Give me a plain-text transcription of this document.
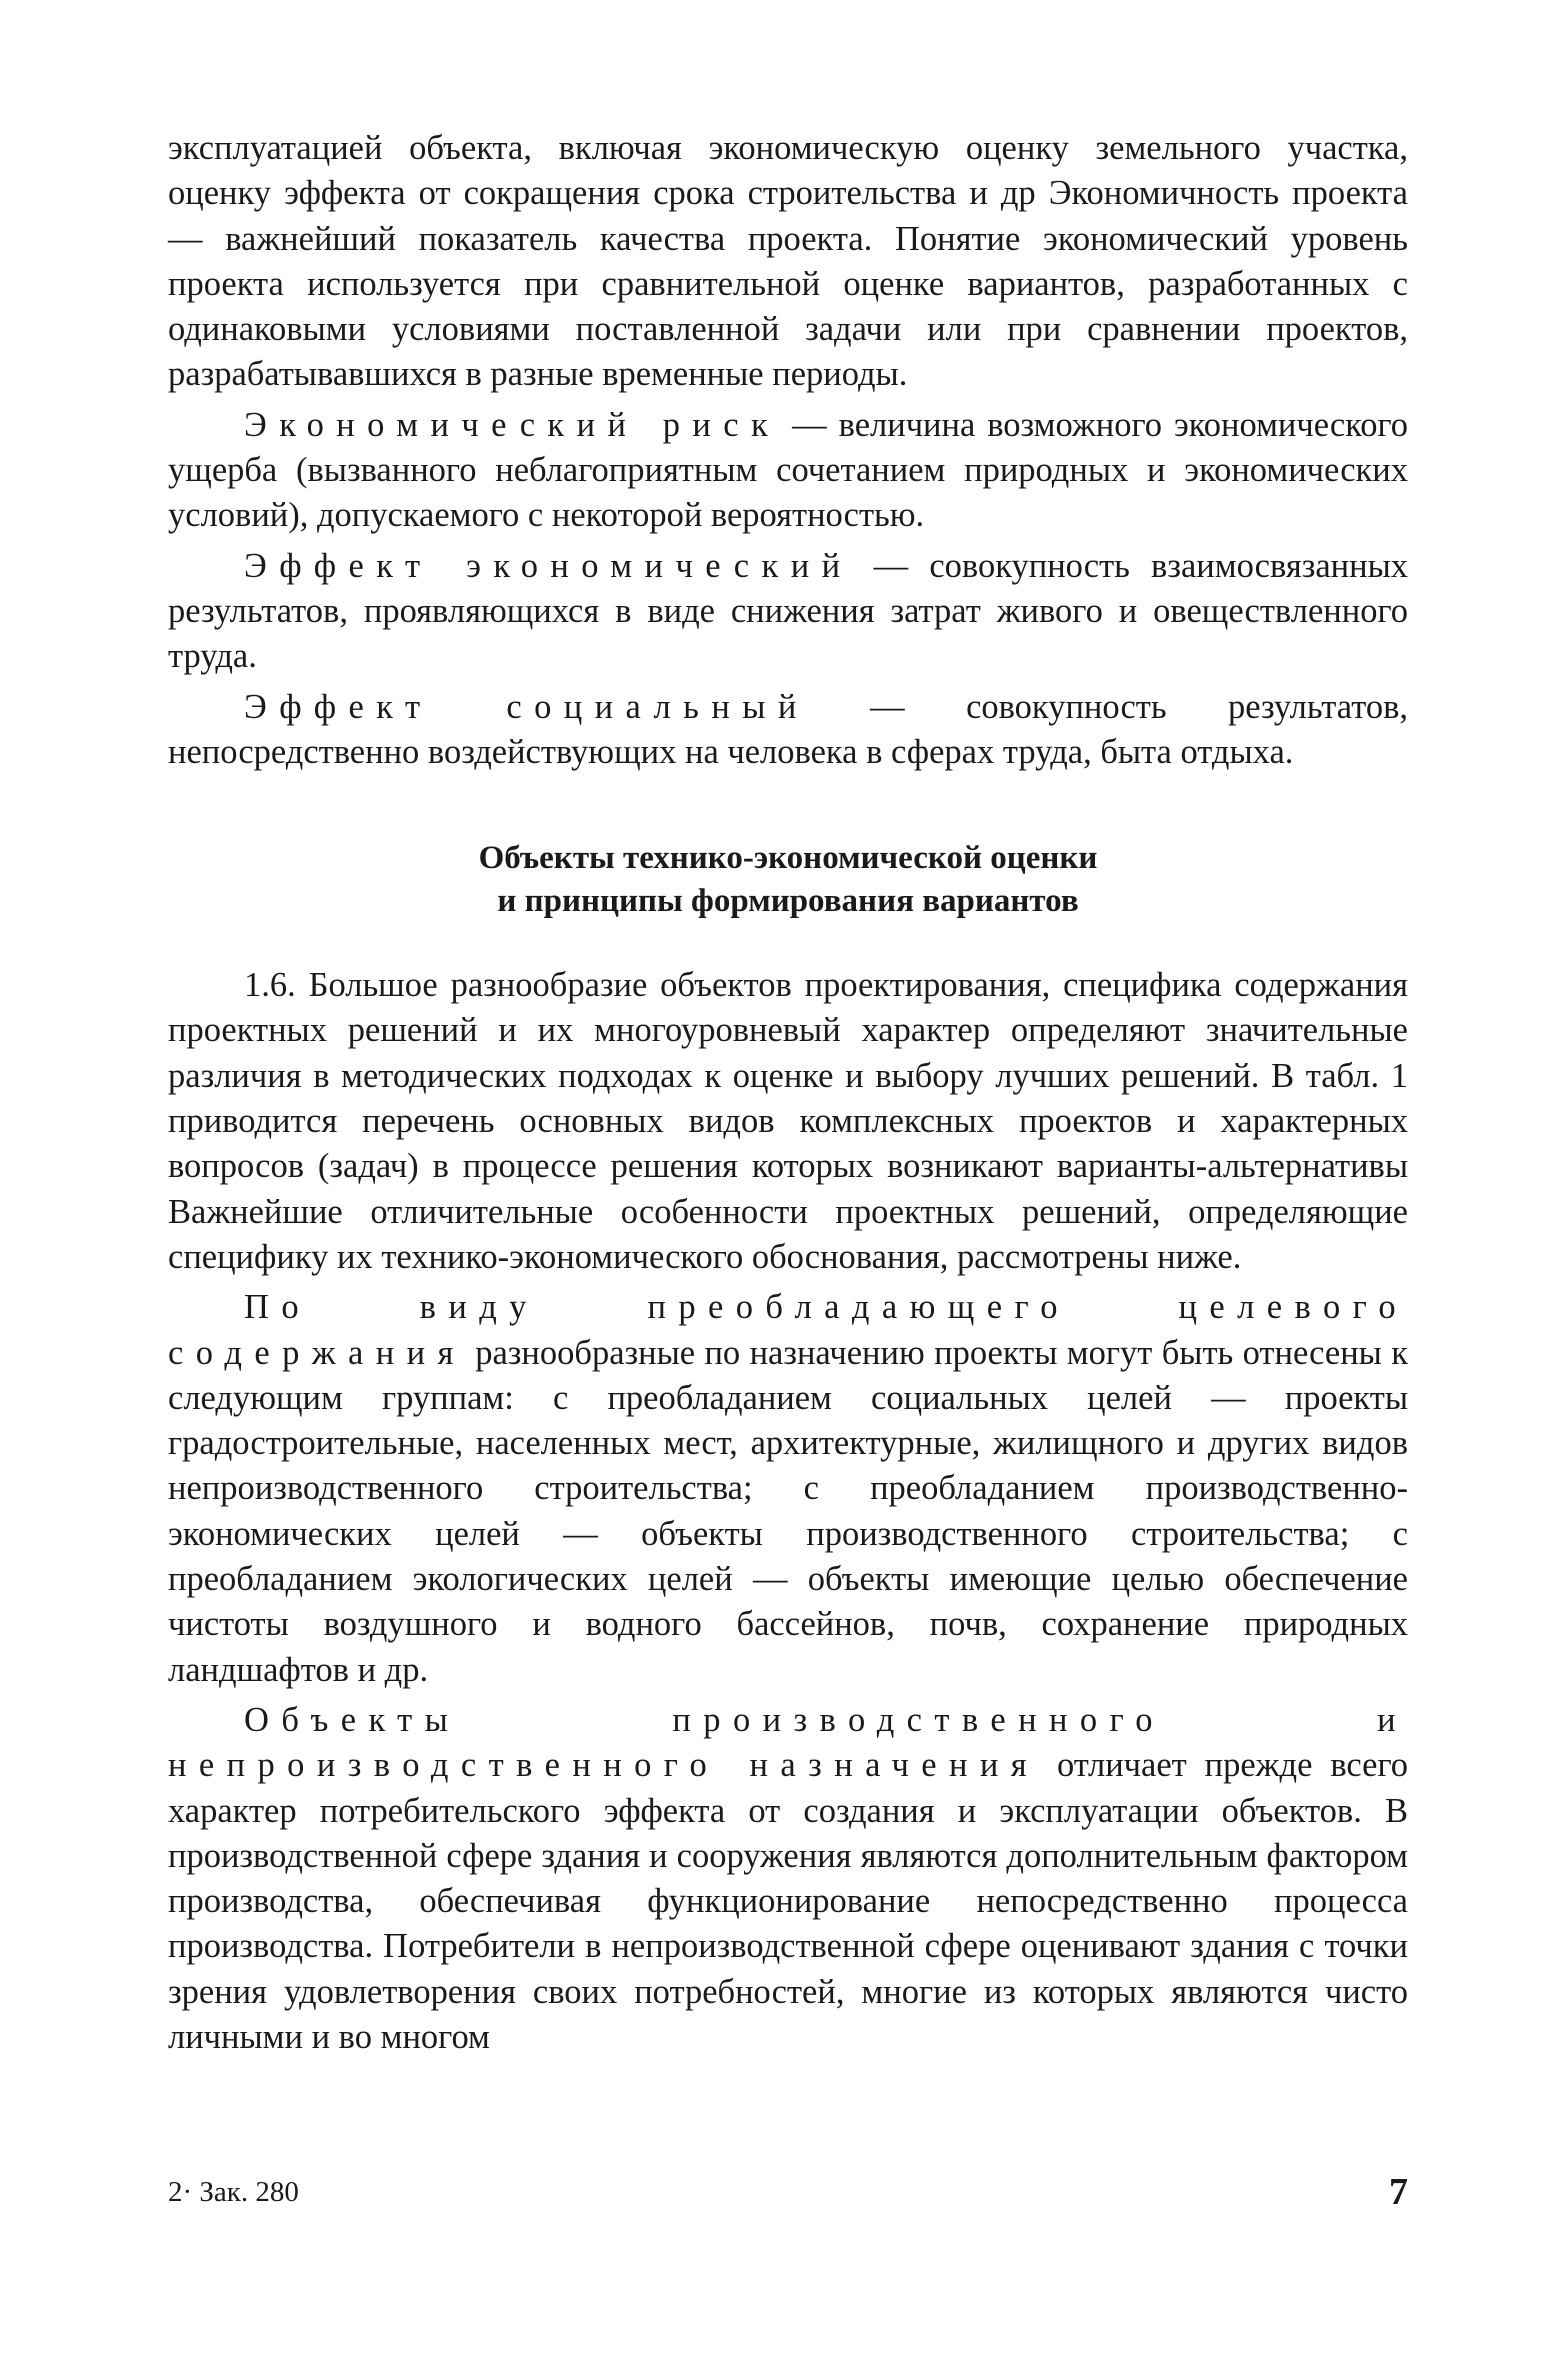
эксплуатацией объекта, включая экономическую оценку земельного участка, оценку эффекта от сокращения срока строительства и др Экономичность проекта — важнейший показатель качества проекта. Понятие экономический уровень проекта используется при сравнительной оценке вариантов, разработанных с одинаковыми условиями поставленной задачи или при сравнении проектов, разрабатывавшихся в разные временные периоды.

Экономический риск — величина возможного экономического ущерба (вызванного неблагоприятным сочетанием природных и экономических условий), допускаемого с некоторой вероятностью.

Эффект экономический — совокупность взаимосвязанных результатов, проявляющихся в виде снижения затрат живого и овеществленного труда.

Эффект социальный — совокупность результатов, непосредственно воздействующих на человека в сферах труда, быта отдыха.

Объекты технико-экономической оценки
и принципы формирования вариантов

1.6. Большое разнообразие объектов проектирования, специфика содержания проектных решений и их многоуровневый характер определяют значительные различия в методических подходах к оценке и выбору лучших решений. В табл. 1 приводится перечень основных видов комплексных проектов и характерных вопросов (задач) в процессе решения которых возникают варианты-альтернативы Важнейшие отличительные особенности проектных решений, определяющие специфику их технико-экономического обоснования, рассмотрены ниже.

По виду преобладающего целевого содержания разнообразные по назначению проекты могут быть отнесены к следующим группам: с преобладанием социальных целей — проекты градостроительные, населенных мест, архитектурные, жилищного и других видов непроизводственного строительства; с преобладанием производственно-экономических целей — объекты производственного строительства; с преобладанием экологических целей — объекты имеющие целью обеспечение чистоты воздушного и водного бассейнов, почв, сохранение природных ландшафтов и др.

Объекты производственного и непроизводственного назначения отличает прежде всего характер потребительского эффекта от создания и эксплуатации объектов. В производственной сфере здания и сооружения являются дополнительным фактором производства, обеспечивая функционирование непосредственно процесса производства. Потребители в непроизводственной сфере оценивают здания с точки зрения удовлетворения своих потребностей, многие из которых являются чисто личными и во многом

2· Зак. 280	7
